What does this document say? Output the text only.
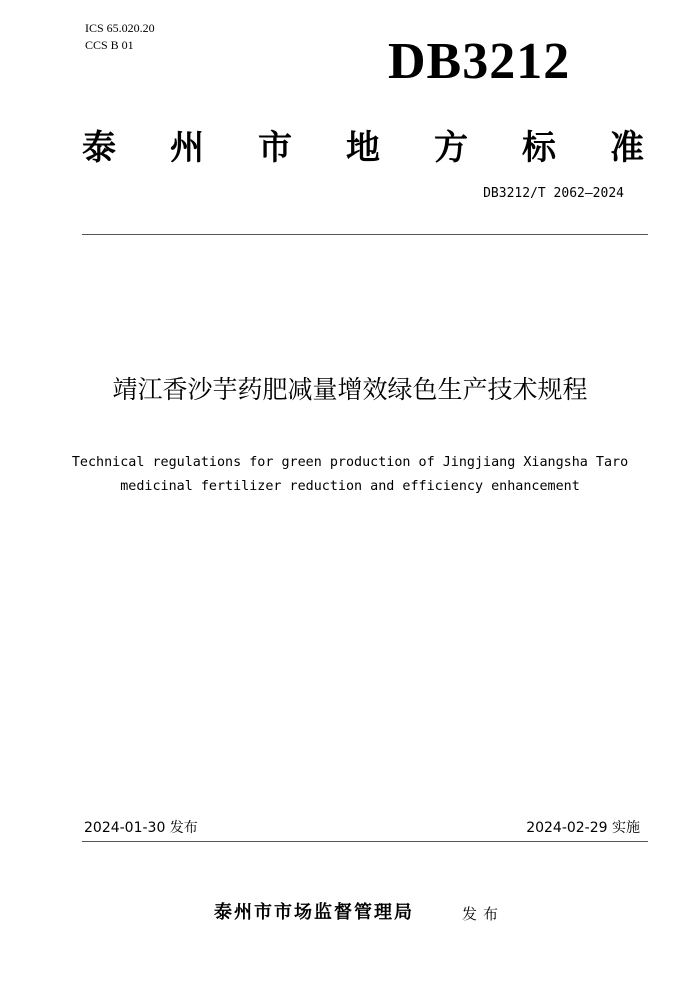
ICS 65.020.20
CCS B 01	DB3212
泰 州 市 地 方 标 准
DB3212/T 2062—2024
靖江香沙芋药肥减量增效绿色生产技术规程
Technical regulations for green production of Jingjiang Xiangsha Taro
medicinal fertilizer reduction and efficiency enhancement
2024-01-30 发布	2024-02-29 实施
泰州市市场监督管理局	发布
